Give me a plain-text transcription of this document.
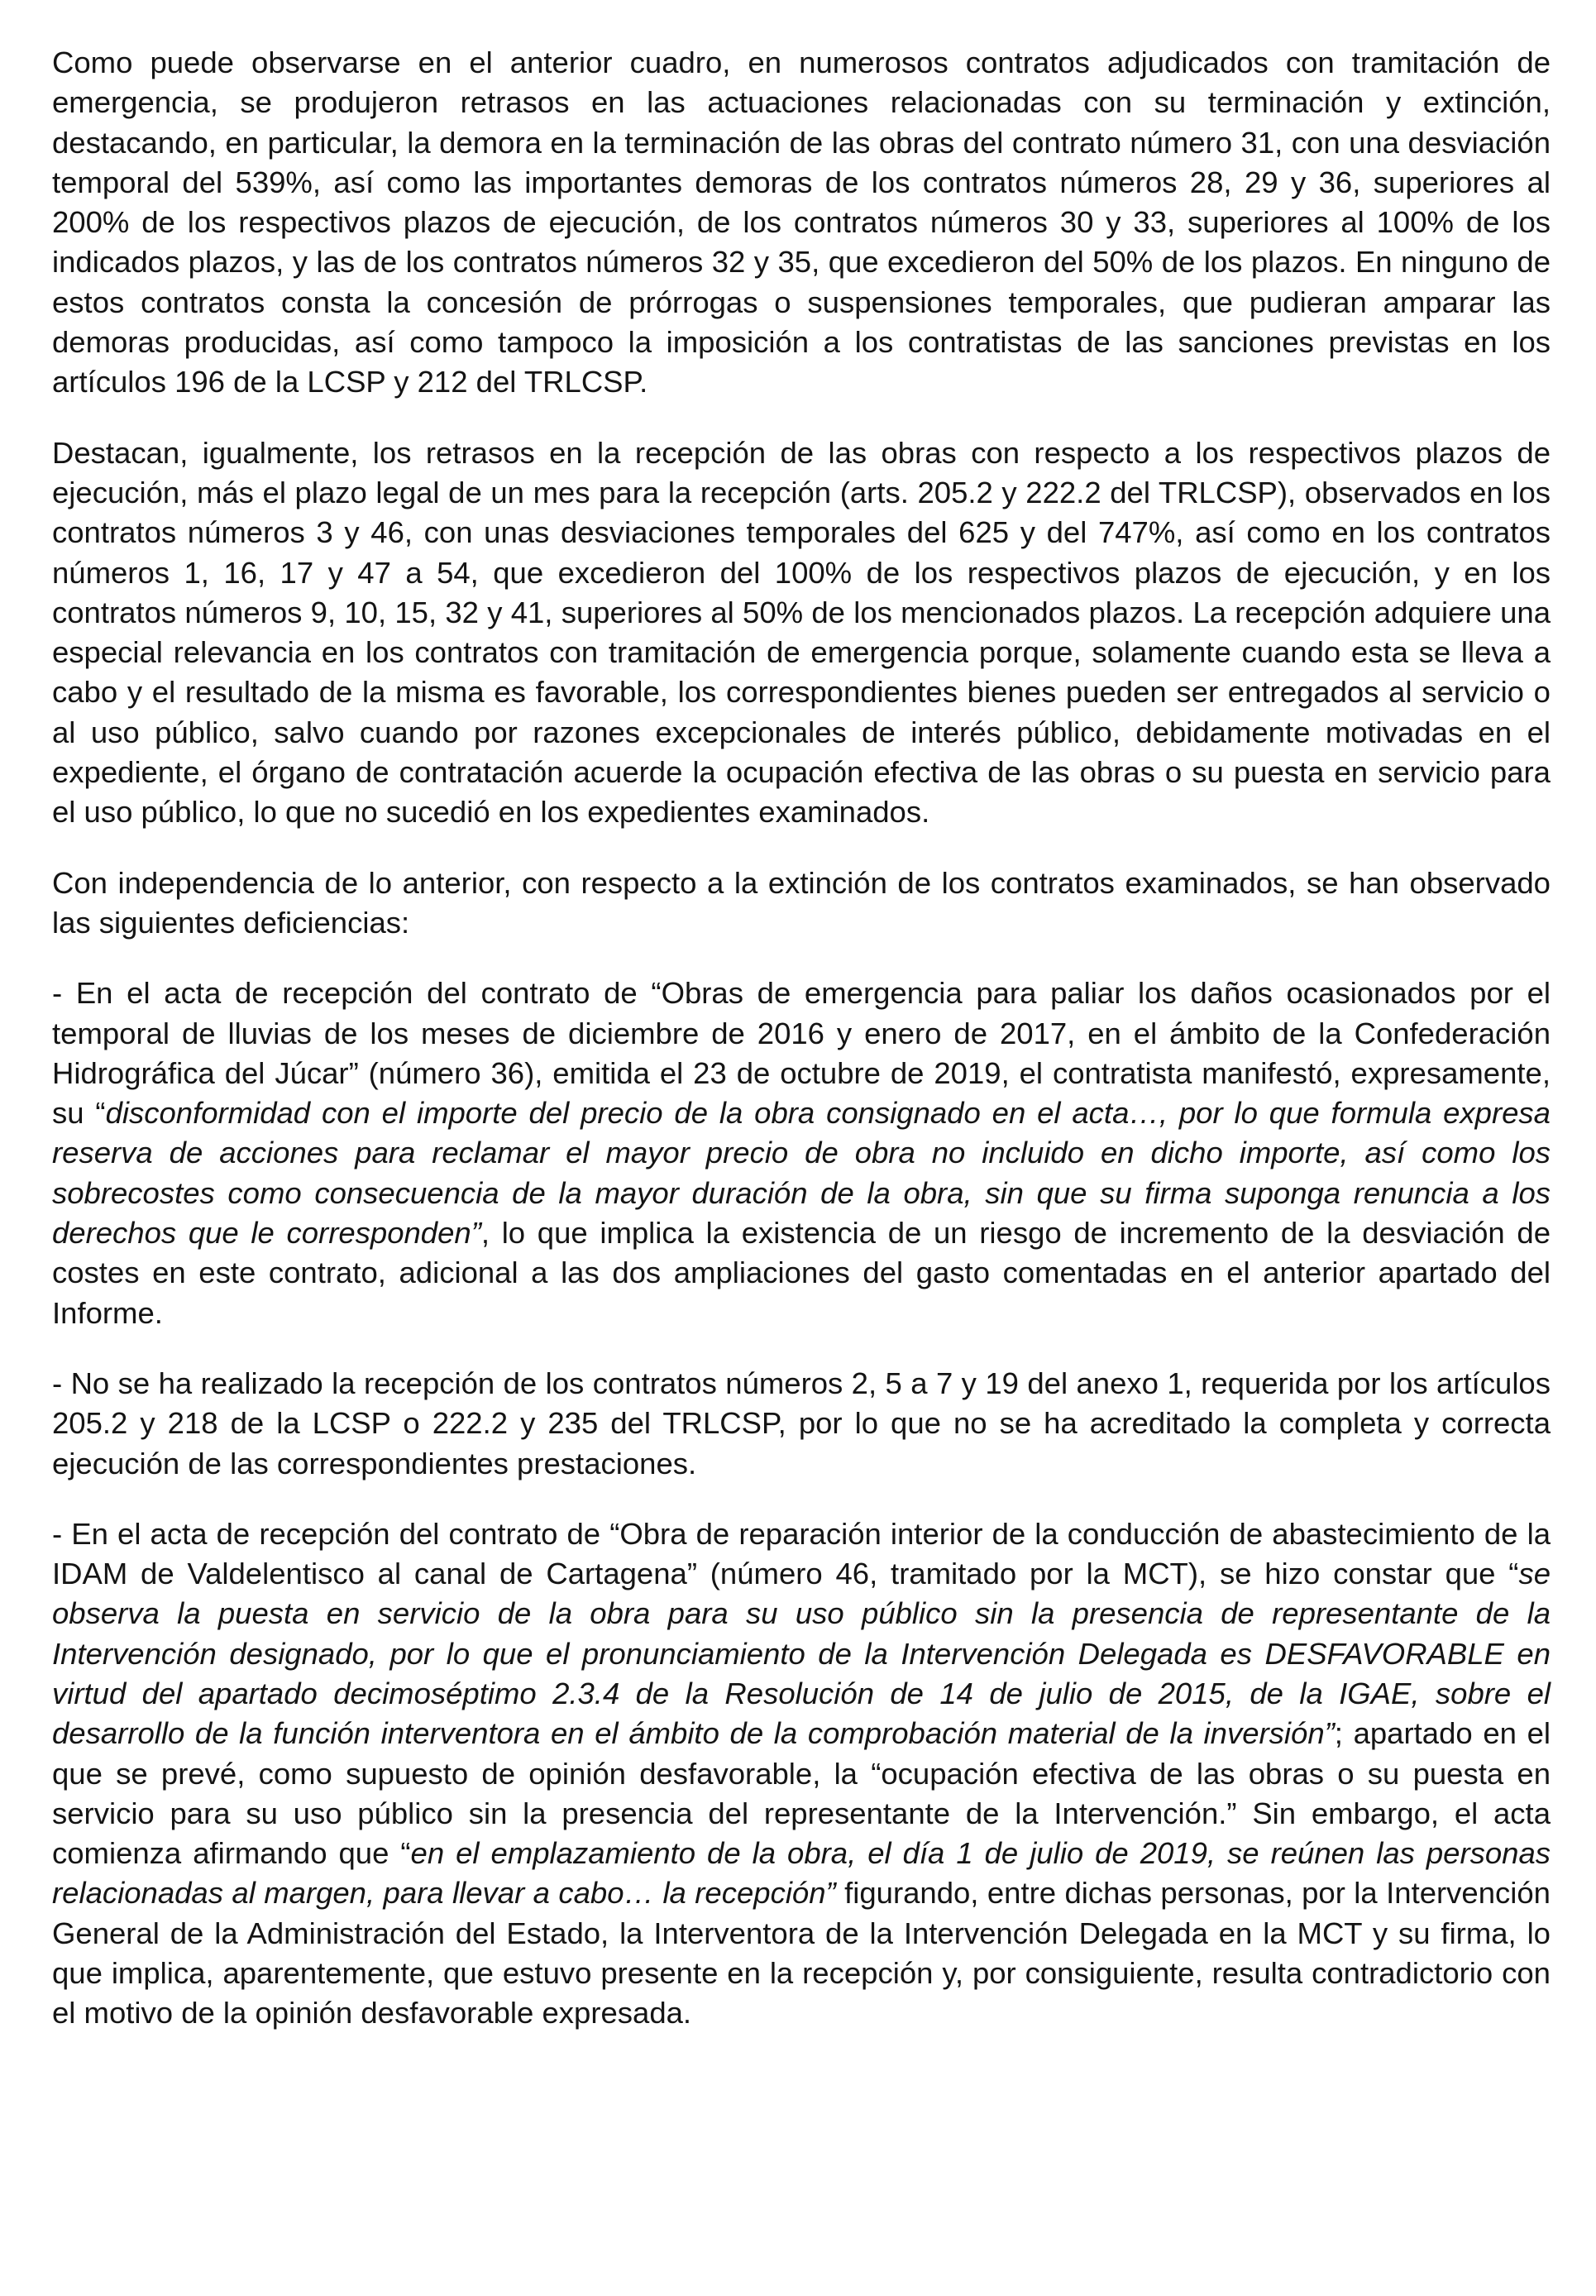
Como puede observarse en el anterior cuadro, en numerosos contratos adjudicados con tramitación de emergencia, se produjeron retrasos en las actuaciones relacionadas con su terminación y extinción, destacando, en particular, la demora en la terminación de las obras del contrato número 31, con una desviación temporal del 539%, así como las importantes demoras de los contratos números 28, 29 y 36, superiores al 200% de los respectivos plazos de ejecución, de los contratos números 30 y 33, superiores al 100% de los indicados plazos, y las de los contratos números 32 y 35, que excedieron del 50% de los plazos. En ninguno de estos contratos consta la concesión de prórrogas o suspensiones temporales, que pudieran amparar las demoras producidas, así como tampoco la imposición a los contratistas de las sanciones previstas en los artículos 196 de la LCSP y 212 del TRLCSP.

Destacan, igualmente, los retrasos en la recepción de las obras con respecto a los respectivos plazos de ejecución, más el plazo legal de un mes para la recepción (arts. 205.2 y 222.2 del TRLCSP), observados en los contratos números 3 y 46, con unas desviaciones temporales del 625 y del 747%, así como en los contratos números 1, 16, 17 y 47 a 54, que excedieron del 100% de los respectivos plazos de ejecución, y en los contratos números 9, 10, 15, 32 y 41, superiores al 50% de los mencionados plazos. La recepción adquiere una especial relevancia en los contratos con tramitación de emergencia porque, solamente cuando esta se lleva a cabo y el resultado de la misma es favorable, los correspondientes bienes pueden ser entregados al servicio o al uso público, salvo cuando por razones excepcionales de interés público, debidamente motivadas en el expediente, el órgano de contratación acuerde la ocupación efectiva de las obras o su puesta en servicio para el uso público, lo que no sucedió en los expedientes examinados.

Con independencia de lo anterior, con respecto a la extinción de los contratos examinados, se han observado las siguientes deficiencias:

- En el acta de recepción del contrato de “Obras de emergencia para paliar los daños ocasionados por el temporal de lluvias de los meses de diciembre de 2016 y enero de 2017, en el ámbito de la Confederación Hidrográfica del Júcar” (número 36), emitida el 23 de octubre de 2019, el contratista manifestó, expresamente, su “disconformidad con el importe del precio de la obra consignado en el acta…, por lo que formula expresa reserva de acciones para reclamar el mayor precio de obra no incluido en dicho importe, así como los sobrecostes como consecuencia de la mayor duración de la obra, sin que su firma suponga renuncia a los derechos que le corresponden”, lo que implica la existencia de un riesgo de incremento de la desviación de costes en este contrato, adicional a las dos ampliaciones del gasto comentadas en el anterior apartado del Informe.

- No se ha realizado la recepción de los contratos números 2, 5 a 7 y 19 del anexo 1, requerida por los artículos 205.2 y 218 de la LCSP o 222.2 y 235 del TRLCSP, por lo que no se ha acreditado la completa y correcta ejecución de las correspondientes prestaciones.

- En el acta de recepción del contrato de “Obra de reparación interior de la conducción de abastecimiento de la IDAM de Valdelentisco al canal de Cartagena” (número 46, tramitado por la MCT), se hizo constar que “se observa la puesta en servicio de la obra para su uso público sin la presencia de representante de la Intervención designado, por lo que el pronunciamiento de la Intervención Delegada es DESFAVORABLE en virtud del apartado decimoséptimo 2.3.4 de la Resolución de 14 de julio de 2015, de la IGAE, sobre el desarrollo de la función interventora en el ámbito de la comprobación material de la inversión”; apartado en el que se prevé, como supuesto de opinión desfavorable, la “ocupación efectiva de las obras o su puesta en servicio para su uso público sin la presencia del representante de la Intervención.” Sin embargo, el acta comienza afirmando que “en el emplazamiento de la obra, el día 1 de julio de 2019, se reúnen las personas relacionadas al margen, para llevar a cabo… la recepción” figurando, entre dichas personas, por la Intervención General de la Administración del Estado, la Interventora de la Intervención Delegada en la MCT y su firma, lo que implica, aparentemente, que estuvo presente en la recepción y, por consiguiente, resulta contradictorio con el motivo de la opinión desfavorable expresada.
